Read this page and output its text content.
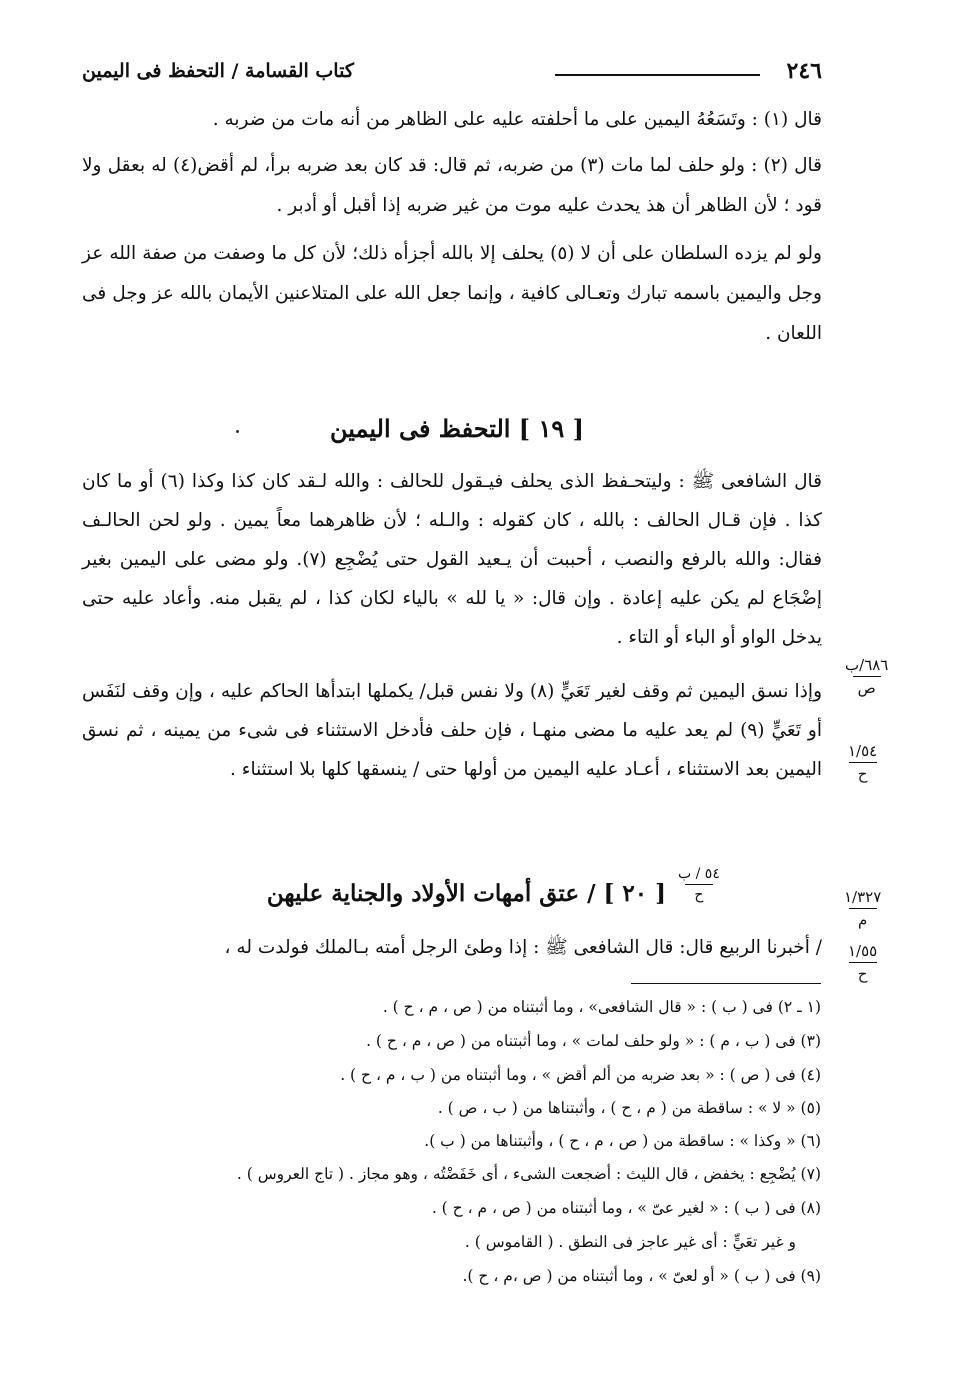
٢٤٦
كتاب القسامة / التحفظ فى اليمين
قال (١) : وتَسَعُهُ اليمين على ما أحلفته عليه على الظاهر من أنه مات من ضربه .
قال (٢) : ولو حلف لما مات (٣) من ضربه، ثم قال: قد كان بعد ضربه برأ، لم أقض(٤) له بعقل ولا قود ؛ لأن الظاهر أن هذ يحدث عليه موت من غير ضربه إذا أقبل أو أدبر .
ولو لم يزده السلطان على أن لا (٥) يحلف إلا بالله أجزأه ذلك؛ لأن كل ما وصفت من صفة الله عز وجل واليمين باسمه تبارك وتعـالى كافية ، وإنما جعل الله على المتلاعنين الأيمان بالله عز وجل فى اللعان .
[ ١٩ ] التحفظ فى اليمين
قال الشافعى ﷺ : وليتحـفظ الذى يحلف فيـقول للحالف : والله لـقد كان كذا وكذا (٦) أو ما كان كذا . فإن قـال الحالف : بالله ، كان كقوله : والـله ؛ لأن ظاهرهما معاً يمين . ولو لحن الحالـف فقال: والله بالرفع والنصب ، أحببت أن يـعيد القول حتى يُضْجِع (٧). ولو مضى على اليمين بغير إضْجَاع لم يكن عليه إعادة . وإن قال: « يا لله » بالياء لكان كذا ، لم يقبل منه. وأعاد عليه حتى يدخل الواو أو الباء أو التاء .
وإذا نسق اليمين ثم وقف لغير تَعَيٍّ (٨) ولا نفس قبل/ يكملها ابتدأها الحاكم عليه ، وإن وقف لنَفَس أو تَعَيٍّ (٩) لم يعد عليه ما مضى منهـا ، فإن حلف فأدخل الاستثناء فى شىء من يمينه ، ثم نسق اليمين بعد الاستثناء ، أعـاد عليه اليمين من أولها حتى / ينسقها كلها بلا استثناء .
٦٨٦/ب
ص
١/٥٤
ح
١/٣٢٧
م
١/٥٥
ح
٥٤ / ب
ح
[ ٢٠ ] / عتق أمهات الأولاد والجناية عليهن
/ أخبرنا الربيع قال: قال الشافعى ﷺ : إذا وطئ الرجل أمته بـالملك فولدت له ،
(١ ـ ٢) فى ( ب ) : « قال الشافعى» ، وما أثبتناه من ( ص ، م ، ح ) .
(٣) فى ( ب ، م ) : « ولو حلف لمات » ، وما أثبتناه من ( ص ، م ، ح ) .
(٤) فى ( ص ) : « بعد ضربه من ألم أقض » ، وما أثبتناه من ( ب ، م ، ح ) .
(٥) « لا » : ساقطة من ( م ، ح ) ، وأثبتناها من ( ب ، ص ) .
(٦) « وكذا » : ساقطة من ( ص ، م ، ح ) ، وأثبتناها من ( ب ).
(٧) يُضْجِع : يخفض ، قال الليث : أضجعت الشىء ، أى خَفَضْتُه ، وهو مجاز . ( تاج العروس ) .
(٨) فى ( ب ) : « لغير عىّ » ، وما أثبتناه من ( ص ، م ، ح ) .
و غير تعَيٍّ : أى غير عاجز فى النطق . ( القاموس ) .
(٩) فى ( ب ) « أو لعىّ » ، وما أثبتناه من ( ص ،م ، ح ).
